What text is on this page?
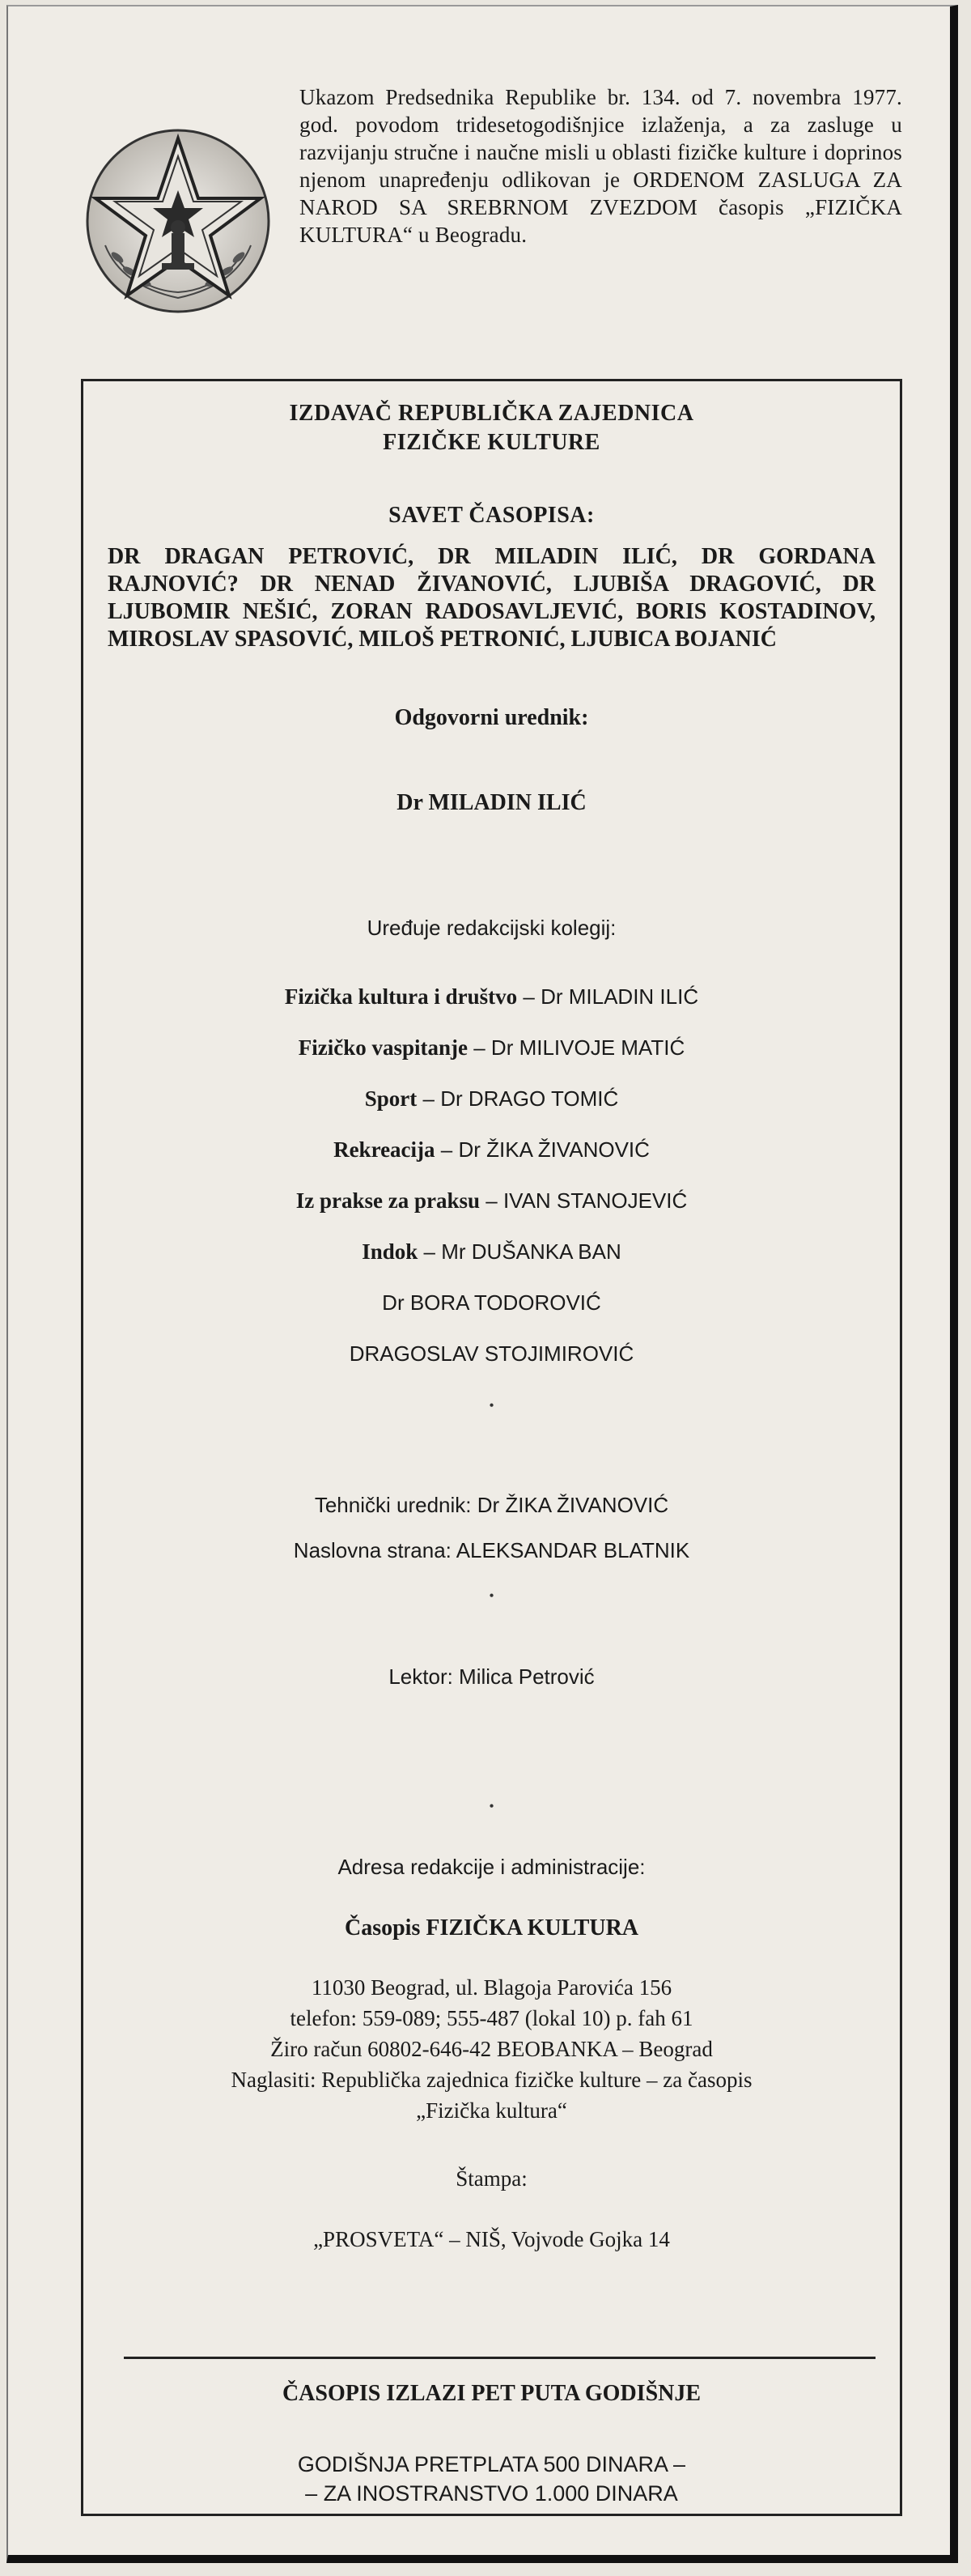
Ukazom Predsednika Republike br. 134. od 7. novembra 1977. god. povodom tridesetogodišnjice izlaženja, a za zasluge u razvijanju stručne i naučne misli u oblasti fizičke kulture i doprinos njenom unapređenju odlikovan je ORDENOM ZASLUGA ZA NAROD SA SREBRNOM ZVEZDOM časopis „FIZIČKA KULTURA“ u Beogradu.
IZDAVAČ REPUBLIČKA ZAJEDNICA
FIZIČKE KULTURE
SAVET ČASOPISA:
DR DRAGAN PETROVIĆ, DR MILADIN ILIĆ, DR GORDANA RAJNOVIĆ? DR NENAD ŽIVANOVIĆ, LJUBIŠA DRAGOVIĆ, DR LJUBOMIR NEŠIĆ, ZORAN RADOSAVLJEVIĆ, BORIS KOSTADINOV, MIROSLAV SPASOVIĆ, MILOŠ PETRONIĆ, LJUBICA BOJANIĆ
Odgovorni urednik:
Dr MILADIN ILIĆ
Uređuje redakcijski kolegij:
Fizička kultura i društvo – Dr MILADIN ILIĆ
Fizičko vaspitanje – Dr MILIVOJE MATIĆ
Sport – Dr DRAGO TOMIĆ
Rekreacija – Dr ŽIKA ŽIVANOVIĆ
Iz prakse za praksu – IVAN STANOJEVIĆ
Indok – Mr DUŠANKA BAN
Dr BORA TODOROVIĆ
DRAGOSLAV STOJIMIROVIĆ
•
Tehnički urednik: Dr ŽIKA ŽIVANOVIĆ
Naslovna strana: ALEKSANDAR BLATNIK
•
Lektor: Milica Petrović
•
Adresa redakcije i administracije:
Časopis FIZIČKA KULTURA
11030 Beograd, ul. Blagoja Parovića 156
telefon: 559-089; 555-487 (lokal 10) p. fah 61
Žiro račun 60802-646-42 BEOBANKA – Beograd
Naglasiti: Republička zajednica fizičke kulture – za časopis
„Fizička kultura“
Štampa:
„PROSVETA“ – NIŠ, Vojvode Gojka 14
ČASOPIS IZLAZI PET PUTA GODIŠNJE
GODIŠNJA PRETPLATA 500 DINARA –
– ZA INOSTRANSTVO 1.000 DINARA
